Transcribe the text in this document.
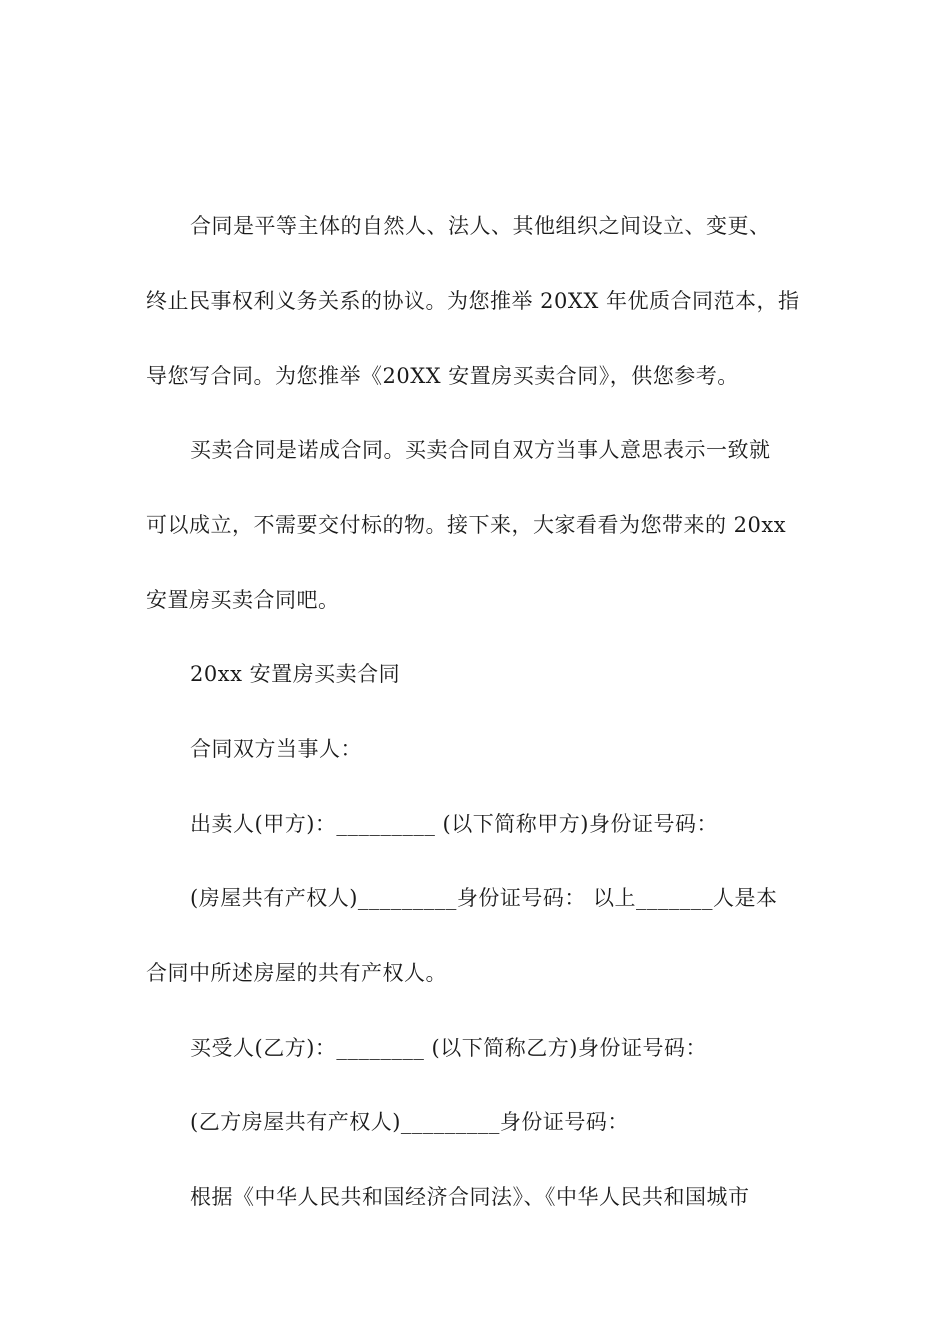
合同是平等主体的自然人、法人、其他组织之间设立、变更、
终止民事权利义务关系的协议。为您推举 20XX 年优质合同范本，指
导您写合同。为您推举《20XX 安置房买卖合同》，供您参考。
买卖合同是诺成合同。买卖合同自双方当事人意思表示一致就
可以成立，不需要交付标的物。接下来，大家看看为您带来的 20xx
安置房买卖合同吧。
20xx 安置房买卖合同
合同双方当事人：
出卖人(甲方)：_________ (以下简称甲方)身份证号码：
(房屋共有产权人)_________身份证号码： 以上_______人是本
合同中所述房屋的共有产权人。
买受人(乙方)：________ (以下简称乙方)身份证号码：
(乙方房屋共有产权人)_________身份证号码：
根据《中华人民共和国经济合同法》、《中华人民共和国城市
